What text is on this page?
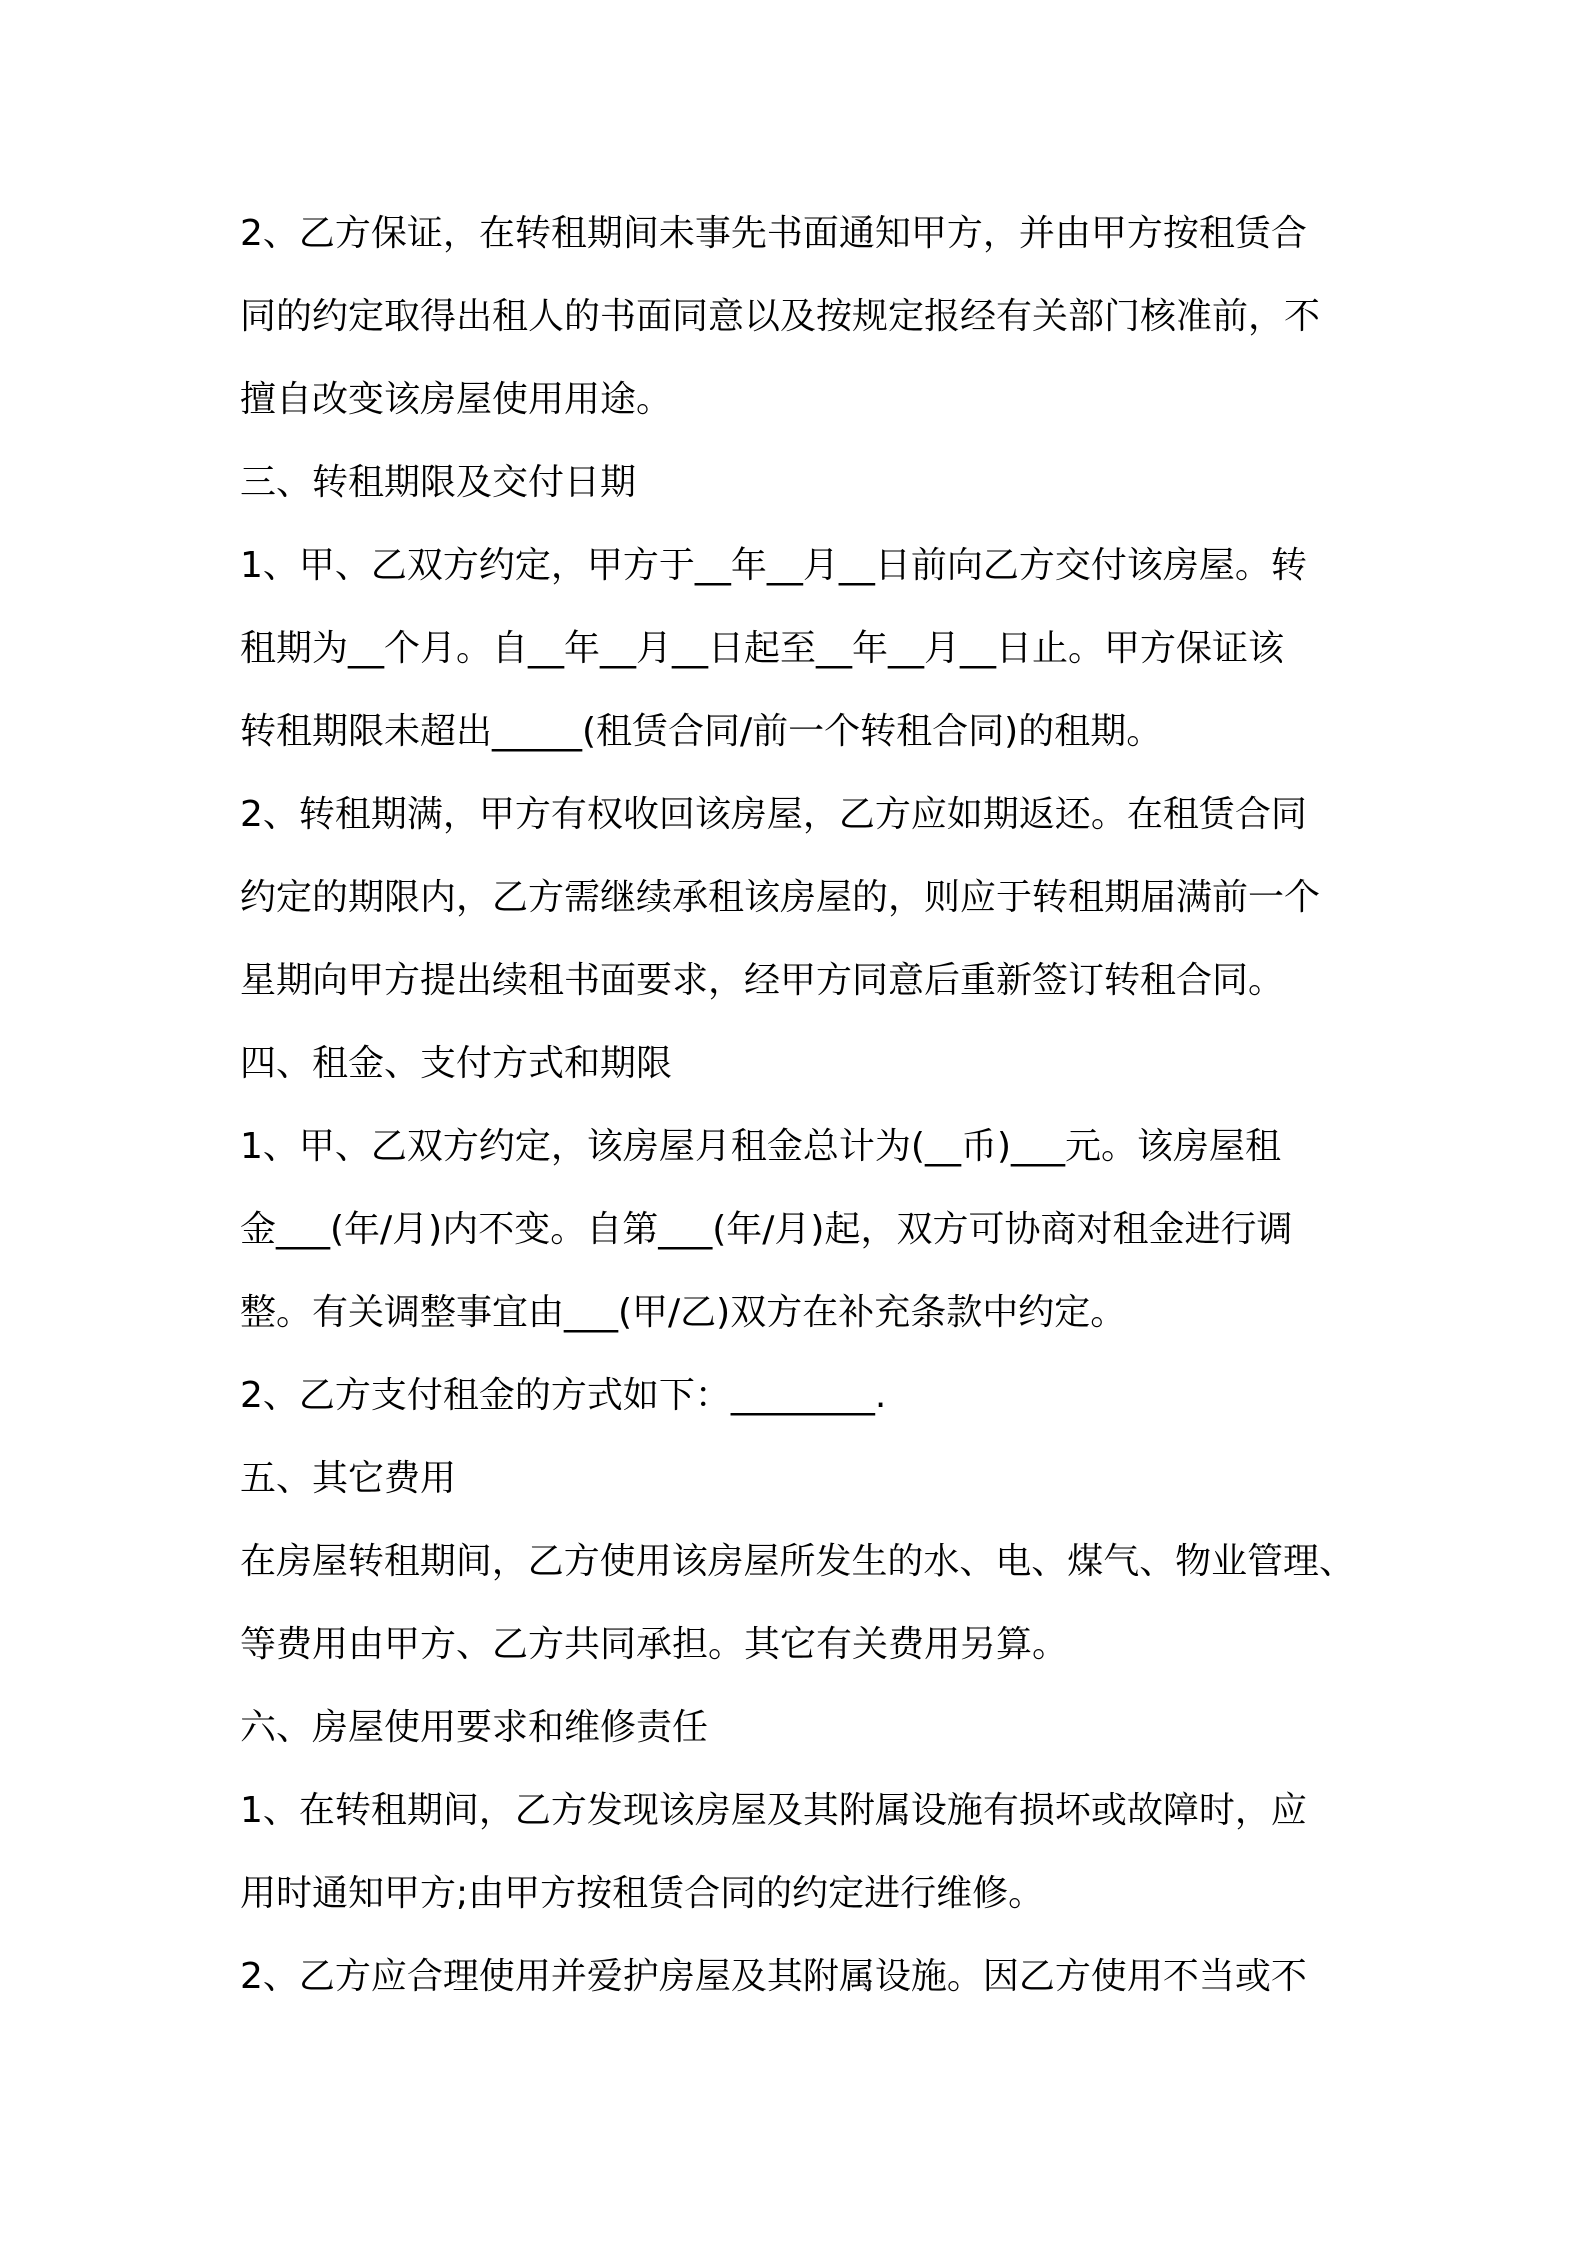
2、乙方保证，在转租期间未事先书面通知甲方，并由甲方按租赁合
同的约定取得出租人的书面同意以及按规定报经有关部门核准前，不
擅自改变该房屋使用用途。
三、转租期限及交付日期
1、甲、乙双方约定，甲方于__年__月__日前向乙方交付该房屋。转
租期为__个月。自__年__月__日起至__年__月__日止。甲方保证该
转租期限未超出_____(租赁合同/前一个转租合同)的租期。
2、转租期满，甲方有权收回该房屋，乙方应如期返还。在租赁合同
约定的期限内，乙方需继续承租该房屋的，则应于转租期届满前一个
星期向甲方提出续租书面要求，经甲方同意后重新签订转租合同。
四、租金、支付方式和期限
1、甲、乙双方约定，该房屋月租金总计为(__币)___元。该房屋租
金___(年/月)内不变。自第___(年/月)起，双方可协商对租金进行调
整。有关调整事宜由___(甲/乙)双方在补充条款中约定。
2、乙方支付租金的方式如下：________.
五、其它费用
在房屋转租期间，乙方使用该房屋所发生的水、电、煤气、物业管理、
等费用由甲方、乙方共同承担。其它有关费用另算。
六、房屋使用要求和维修责任
1、在转租期间，乙方发现该房屋及其附属设施有损坏或故障时，应
用时通知甲方;由甲方按租赁合同的约定进行维修。
2、乙方应合理使用并爱护房屋及其附属设施。因乙方使用不当或不
